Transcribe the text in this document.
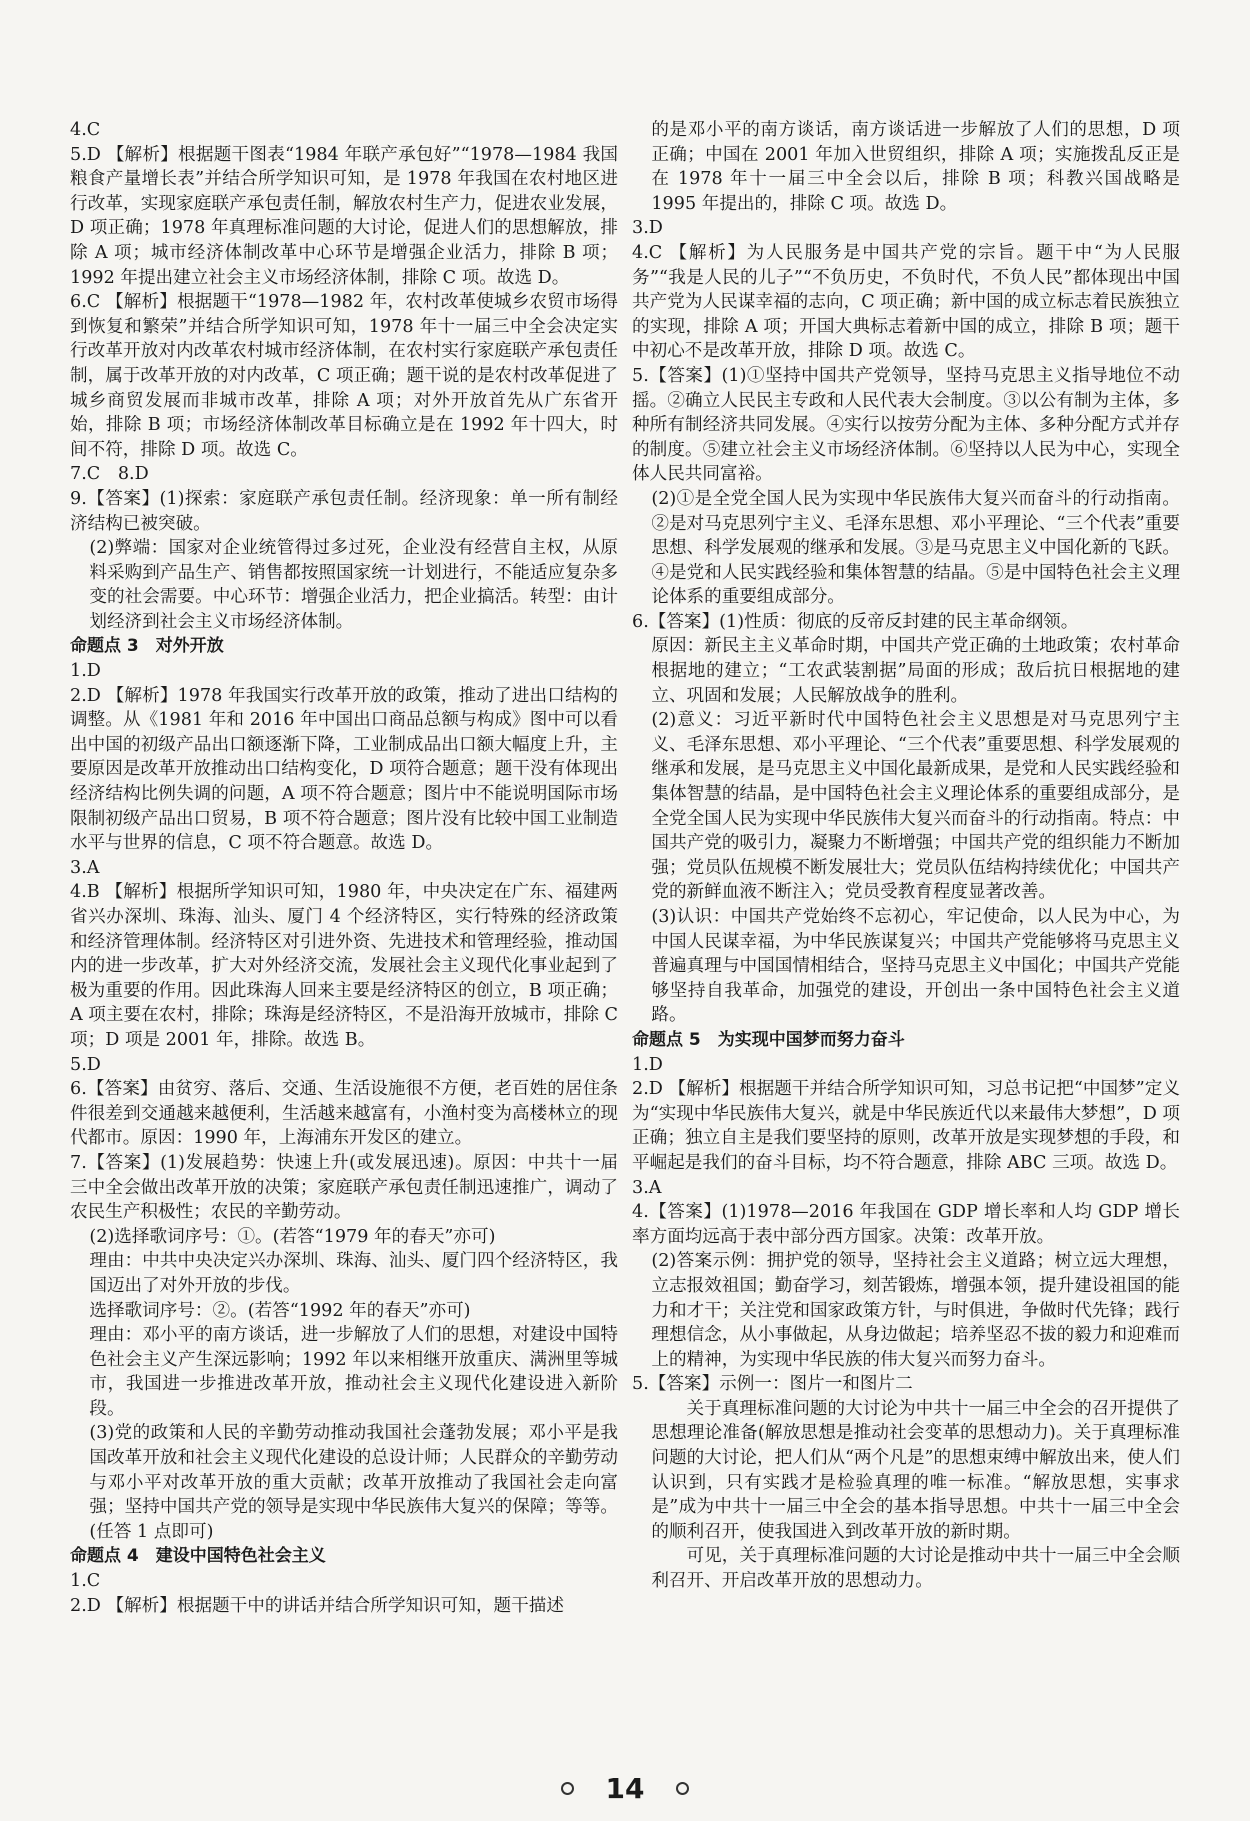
4.C

5.D 【解析】根据题干图表“1984 年联产承包好”“1978—1984 我国粮食产量增长表”并结合所学知识可知，是 1978 年我国在农村地区进行改革，实现家庭联产承包责任制，解放农村生产力，促进农业发展，D 项正确；1978 年真理标准问题的大讨论，促进人们的思想解放，排除 A 项；城市经济体制改革中心环节是增强企业活力，排除 B 项；1992 年提出建立社会主义市场经济体制，排除 C 项。故选 D。

6.C 【解析】根据题干“1978—1982 年，农村改革使城乡农贸市场得到恢复和繁荣”并结合所学知识可知，1978 年十一届三中全会决定实行改革开放对内改革农村城市经济体制，在农村实行家庭联产承包责任制，属于改革开放的对内改革，C 项正确；题干说的是农村改革促进了城乡商贸发展而非城市改革，排除 A 项；对外开放首先从广东省开始，排除 B 项；市场经济体制改革目标确立是在 1992 年十四大，时间不符，排除 D 项。故选 C。

7.C　8.D

9.【答案】(1)探索：家庭联产承包责任制。经济现象：单一所有制经济结构已被突破。

(2)弊端：国家对企业统管得过多过死，企业没有经营自主权，从原料采购到产品生产、销售都按照国家统一计划进行，不能适应复杂多变的社会需要。中心环节：增强企业活力，把企业搞活。转型：由计划经济到社会主义市场经济体制。

命题点 3　对外开放

1.D

2.D 【解析】1978 年我国实行改革开放的政策，推动了进出口结构的调整。从《1981 年和 2016 年中国出口商品总额与构成》图中可以看出中国的初级产品出口额逐渐下降，工业制成品出口额大幅度上升，主要原因是改革开放推动出口结构变化，D 项符合题意；题干没有体现出经济结构比例失调的问题，A 项不符合题意；图片中不能说明国际市场限制初级产品出口贸易，B 项不符合题意；图片没有比较中国工业制造水平与世界的信息，C 项不符合题意。故选 D。

3.A

4.B 【解析】根据所学知识可知，1980 年，中央决定在广东、福建两省兴办深圳、珠海、汕头、厦门 4 个经济特区，实行特殊的经济政策和经济管理体制。经济特区对引进外资、先进技术和管理经验，推动国内的进一步改革，扩大对外经济交流，发展社会主义现代化事业起到了极为重要的作用。因此珠海人回来主要是经济特区的创立，B 项正确；A 项主要在农村，排除；珠海是经济特区，不是沿海开放城市，排除 C 项；D 项是 2001 年，排除。故选 B。

5.D

6.【答案】由贫穷、落后、交通、生活设施很不方便，老百姓的居住条件很差到交通越来越便利，生活越来越富有，小渔村变为高楼林立的现代都市。原因：1990 年，上海浦东开发区的建立。

7.【答案】(1)发展趋势：快速上升(或发展迅速)。原因：中共十一届三中全会做出改革开放的决策；家庭联产承包责任制迅速推广，调动了农民生产积极性；农民的辛勤劳动。

(2)选择歌词序号：①。(若答“1979 年的春天”亦可)

理由：中共中央决定兴办深圳、珠海、汕头、厦门四个经济特区，我国迈出了对外开放的步伐。

选择歌词序号：②。(若答“1992 年的春天”亦可)

理由：邓小平的南方谈话，进一步解放了人们的思想，对建设中国特色社会主义产生深远影响；1992 年以来相继开放重庆、满洲里等城市，我国进一步推进改革开放，推动社会主义现代化建设进入新阶段。

(3)党的政策和人民的辛勤劳动推动我国社会蓬勃发展；邓小平是我国改革开放和社会主义现代化建设的总设计师；人民群众的辛勤劳动与邓小平对改革开放的重大贡献；改革开放推动了我国社会走向富强；坚持中国共产党的领导是实现中华民族伟大复兴的保障；等等。(任答 1 点即可)

命题点 4　建设中国特色社会主义

1.C

2.D 【解析】根据题干中的讲话并结合所学知识可知，题干描述

的是邓小平的南方谈话，南方谈话进一步解放了人们的思想，D 项正确；中国在 2001 年加入世贸组织，排除 A 项；实施拨乱反正是在 1978 年十一届三中全会以后，排除 B 项；科教兴国战略是 1995 年提出的，排除 C 项。故选 D。

3.D

4.C 【解析】为人民服务是中国共产党的宗旨。题干中“为人民服务”“我是人民的儿子”“不负历史，不负时代，不负人民”都体现出中国共产党为人民谋幸福的志向，C 项正确；新中国的成立标志着民族独立的实现，排除 A 项；开国大典标志着新中国的成立，排除 B 项；题干中初心不是改革开放，排除 D 项。故选 C。

5.【答案】(1)①坚持中国共产党领导，坚持马克思主义指导地位不动摇。②确立人民民主专政和人民代表大会制度。③以公有制为主体，多种所有制经济共同发展。④实行以按劳分配为主体、多种分配方式并存的制度。⑤建立社会主义市场经济体制。⑥坚持以人民为中心，实现全体人民共同富裕。

(2)①是全党全国人民为实现中华民族伟大复兴而奋斗的行动指南。②是对马克思列宁主义、毛泽东思想、邓小平理论、“三个代表”重要思想、科学发展观的继承和发展。③是马克思主义中国化新的飞跃。④是党和人民实践经验和集体智慧的结晶。⑤是中国特色社会主义理论体系的重要组成部分。

6.【答案】(1)性质：彻底的反帝反封建的民主革命纲领。

原因：新民主主义革命时期，中国共产党正确的土地政策；农村革命根据地的建立；“工农武装割据”局面的形成；敌后抗日根据地的建立、巩固和发展；人民解放战争的胜利。

(2)意义：习近平新时代中国特色社会主义思想是对马克思列宁主义、毛泽东思想、邓小平理论、“三个代表”重要思想、科学发展观的继承和发展，是马克思主义中国化最新成果，是党和人民实践经验和集体智慧的结晶，是中国特色社会主义理论体系的重要组成部分，是全党全国人民为实现中华民族伟大复兴而奋斗的行动指南。特点：中国共产党的吸引力，凝聚力不断增强；中国共产党的组织能力不断加强；党员队伍规模不断发展壮大；党员队伍结构持续优化；中国共产党的新鲜血液不断注入；党员受教育程度显著改善。

(3)认识：中国共产党始终不忘初心，牢记使命，以人民为中心，为中国人民谋幸福，为中华民族谋复兴；中国共产党能够将马克思主义普遍真理与中国国情相结合，坚持马克思主义中国化；中国共产党能够坚持自我革命，加强党的建设，开创出一条中国特色社会主义道路。

命题点 5　为实现中国梦而努力奋斗

1.D

2.D 【解析】根据题干并结合所学知识可知，习总书记把“中国梦”定义为“实现中华民族伟大复兴，就是中华民族近代以来最伟大梦想”，D 项正确；独立自主是我们要坚持的原则，改革开放是实现梦想的手段，和平崛起是我们的奋斗目标，均不符合题意，排除 ABC 三项。故选 D。

3.A

4.【答案】(1)1978—2016 年我国在 GDP 增长率和人均 GDP 增长率方面均远高于表中部分西方国家。决策：改革开放。

(2)答案示例：拥护党的领导，坚持社会主义道路；树立远大理想，立志报效祖国；勤奋学习，刻苦锻炼，增强本领，提升建设祖国的能力和才干；关注党和国家政策方针，与时俱进，争做时代先锋；践行理想信念，从小事做起，从身边做起；培养坚忍不拔的毅力和迎难而上的精神，为实现中华民族的伟大复兴而努力奋斗。

5.【答案】示例一：图片一和图片二

关于真理标准问题的大讨论为中共十一届三中全会的召开提供了思想理论准备(解放思想是推动社会变革的思想动力)。关于真理标准问题的大讨论，把人们从“两个凡是”的思想束缚中解放出来，使人们认识到，只有实践才是检验真理的唯一标准。“解放思想，实事求是”成为中共十一届三中全会的基本指导思想。中共十一届三中全会的顺利召开，使我国进入到改革开放的新时期。

可见，关于真理标准问题的大讨论是推动中共十一届三中全会顺利召开、开启改革开放的思想动力。

14
